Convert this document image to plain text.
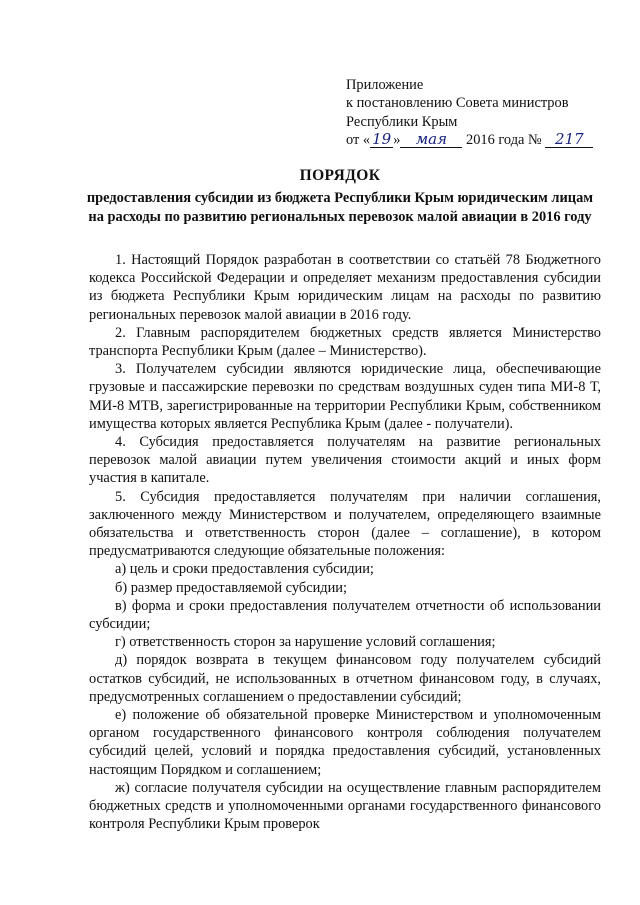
Приложение
к постановлению Совета министров
Республики Крым
от « 19 » мая 2016 года № 217
ПОРЯДОК
предоставления субсидии из бюджета Республики Крым юридическим лицам на расходы по развитию региональных перевозок малой авиации в 2016 году

1. Настоящий Порядок разработан в соответствии со статьёй 78 Бюджетного кодекса Российской Федерации и определяет механизм предоставления субсидии из бюджета Республики Крым юридическим лицам на расходы по развитию региональных перевозок малой авиации в 2016 году.

2. Главным распорядителем бюджетных средств является Министерство транспорта Республики Крым (далее – Министерство).

3. Получателем субсидии являются юридические лица, обеспечивающие грузовые и пассажирские перевозки по средствам воздушных суден типа МИ-8 Т, МИ-8 МТВ, зарегистрированные на территории Республики Крым, собственником имущества которых является Республика Крым (далее - получатели).

4. Субсидия предоставляется получателям на развитие региональных перевозок малой авиации путем увеличения стоимости акций и иных форм участия в капитале.

5. Субсидия предоставляется получателям при наличии соглашения, заключенного между Министерством и получателем, определяющего взаимные обязательства и ответственность сторон (далее – соглашение), в котором предусматриваются следующие обязательные положения:

а) цель и сроки предоставления субсидии;

б) размер предоставляемой субсидии;

в) форма и сроки предоставления получателем отчетности об использовании субсидии;

г) ответственность сторон за нарушение условий соглашения;

д) порядок возврата в текущем финансовом году получателем субсидий остатков субсидий, не использованных в отчетном финансовом году, в случаях, предусмотренных соглашением о предоставлении субсидий;

е) положение об обязательной проверке Министерством и уполномоченным органом государственного финансового контроля соблюдения получателем субсидий целей, условий и порядка предоставления субсидий, установленных настоящим Порядком и соглашением;

ж) согласие получателя субсидии на осуществление главным распорядителем бюджетных средств и уполномоченными органами государственного финансового контроля Республики Крым проверок
